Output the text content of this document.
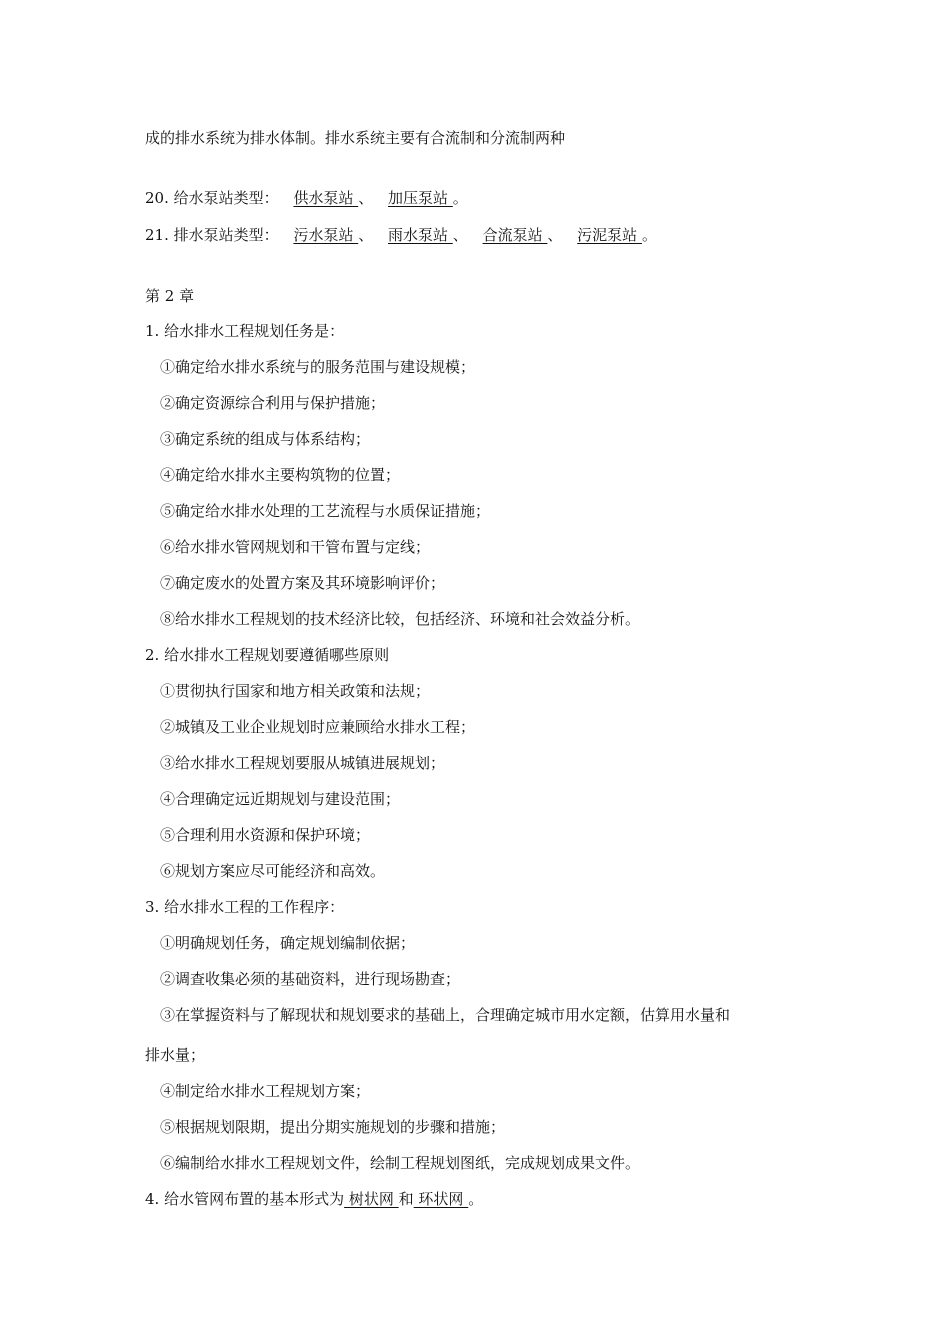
成的排水系统为排水体制。排水系统主要有合流制和分流制两种
20. 给水泵站类型： 供水泵站 、 加压泵站 。
21. 排水泵站类型： 污水泵站 、 雨水泵站 、 合流泵站 、 污泥泵站 。
第 2 章
1. 给水排水工程规划任务是：
①确定给水排水系统与的服务范围与建设规模；
②确定资源综合利用与保护措施；
③确定系统的组成与体系结构；
④确定给水排水主要构筑物的位置；
⑤确定给水排水处理的工艺流程与水质保证措施；
⑥给水排水管网规划和干管布置与定线；
⑦确定废水的处置方案及其环境影响评价；
⑧给水排水工程规划的技术经济比较，包括经济、环境和社会效益分析。
2. 给水排水工程规划要遵循哪些原则
①贯彻执行国家和地方相关政策和法规；
②城镇及工业企业规划时应兼顾给水排水工程；
③给水排水工程规划要服从城镇进展规划；
④合理确定远近期规划与建设范围；
⑤合理利用水资源和保护环境；
⑥规划方案应尽可能经济和高效。
3. 给水排水工程的工作程序：
①明确规划任务，确定规划编制依据；
②调查收集必须的基础资料，进行现场勘查；
③在掌握资料与了解现状和规划要求的基础上，合理确定城市用水定额，估算用水量和
排水量；
④制定给水排水工程规划方案；
⑤根据规划限期，提出分期实施规划的步骤和措施；
⑥编制给水排水工程规划文件，绘制工程规划图纸，完成规划成果文件。
4. 给水管网布置的基本形式为 树状网 和 环状网 。
